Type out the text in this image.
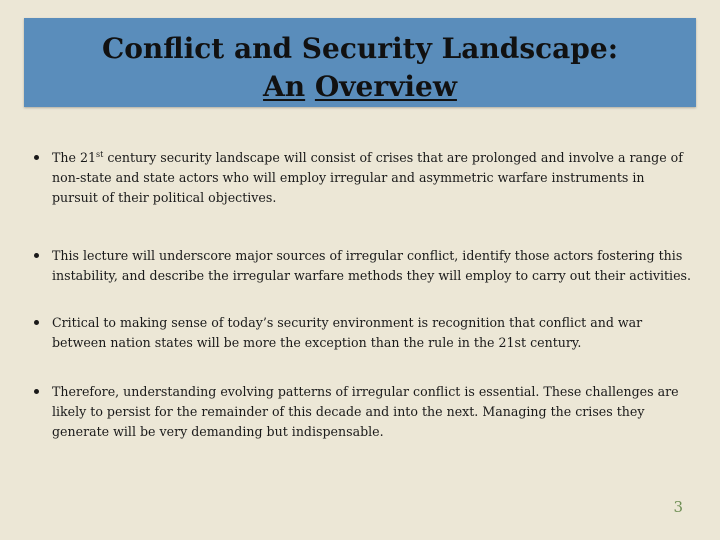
Conflict and Security Landscape:
An Overview
The 21st century security landscape will consist of crises that are prolonged and involve a range of non-state and state actors who will employ irregular and asymmetric warfare instruments in pursuit of their political objectives.
This lecture will underscore major sources of irregular conflict, identify those actors fostering this instability, and describe the irregular warfare methods they will employ to carry out their activities.
Critical to making sense of today’s security environment is recognition that conflict and war between nation states will be more the exception than the rule in the 21st century.
Therefore, understanding evolving patterns of irregular conflict is essential. These challenges are likely to persist for the remainder of this decade and into the next. Managing the crises they generate will be very demanding but indispensable.
3
